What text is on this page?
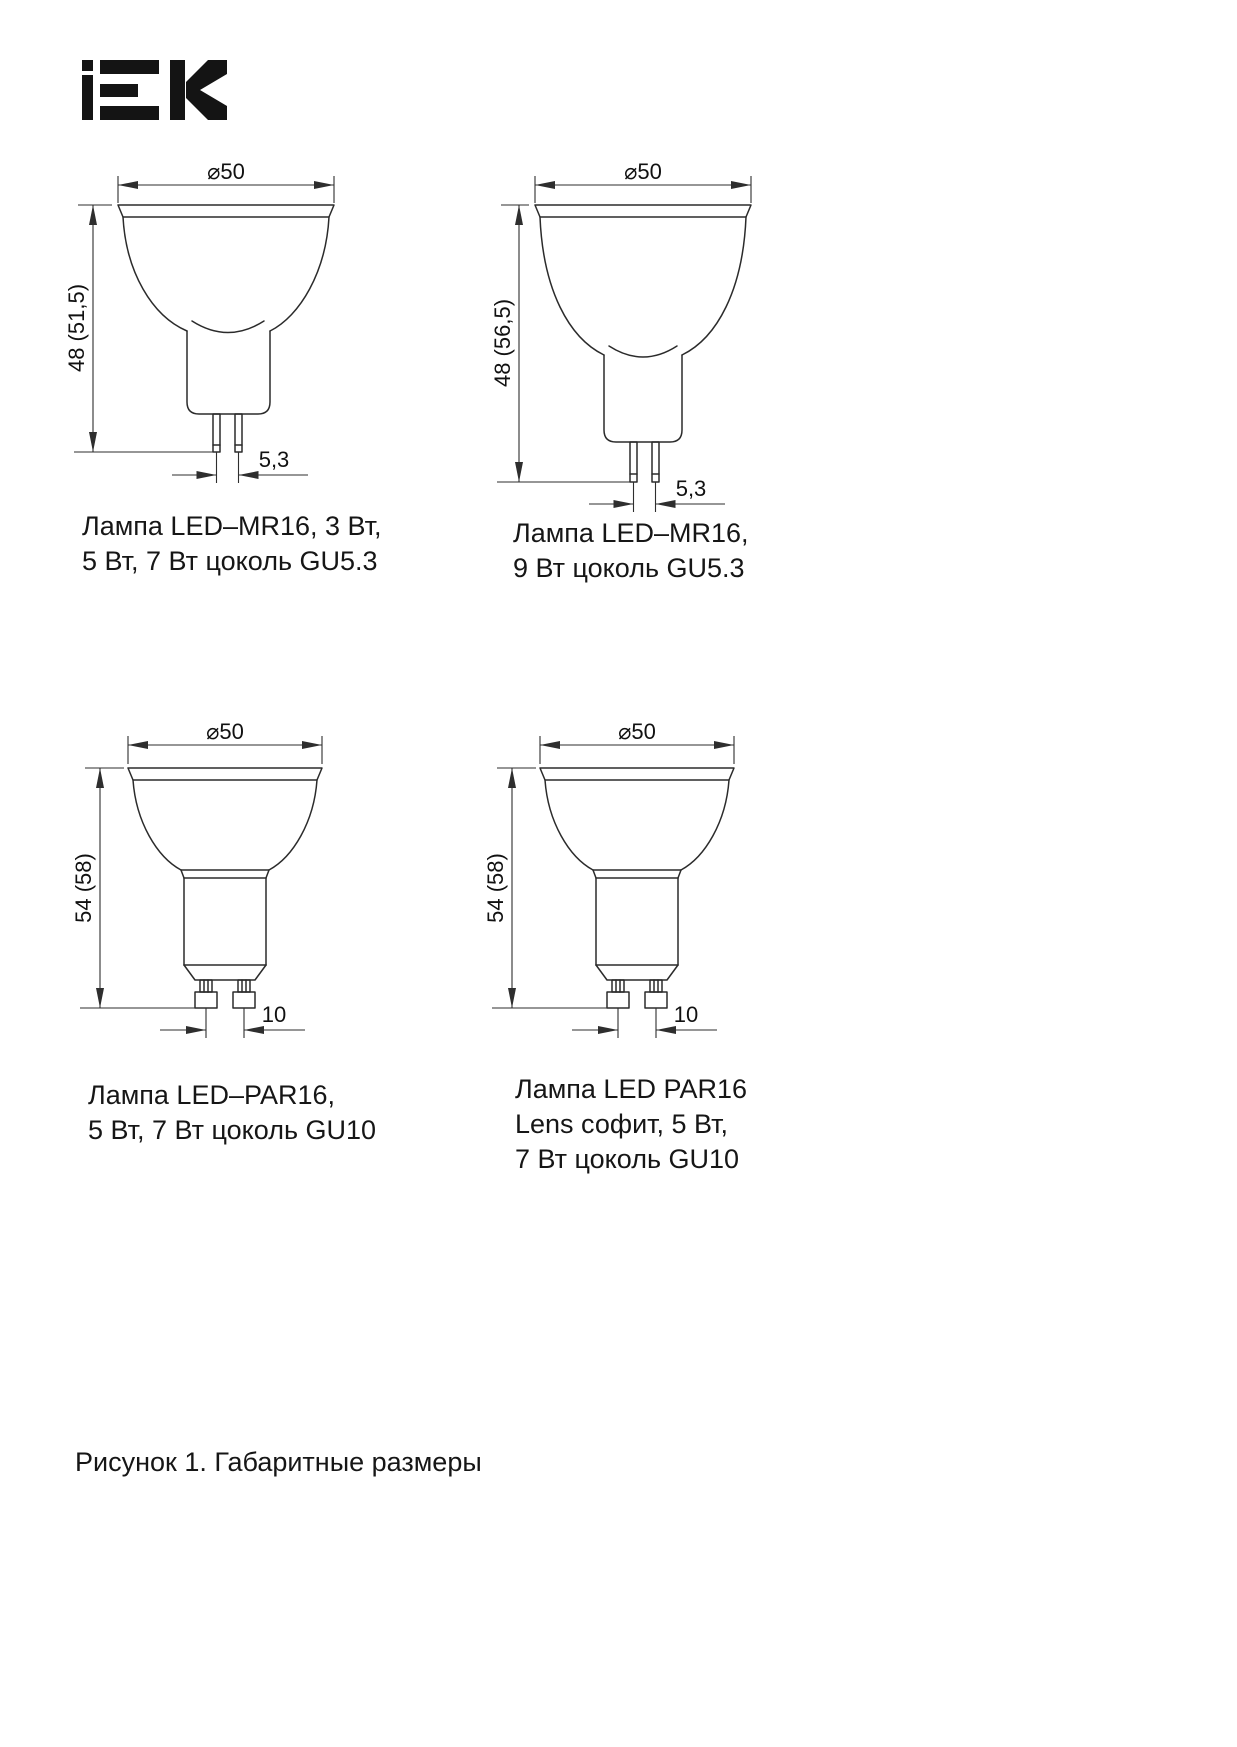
⌀50
48 (51,5)
5,3
⌀50
48 (56,5)
5,3
Лампа LED–MR16, 3 Вт,
5 Вт, 7 Вт цоколь GU5.3
Лампа LED–MR16,
9 Вт цоколь GU5.3
⌀50
54 (58)
10
⌀50
54 (58)
10
Лампа LED–PAR16,
5 Вт, 7 Вт цоколь GU10
Лампа LED PAR16
Lens софит, 5 Вт,
7 Вт цоколь GU10
Рисунок 1. Габаритные размеры
